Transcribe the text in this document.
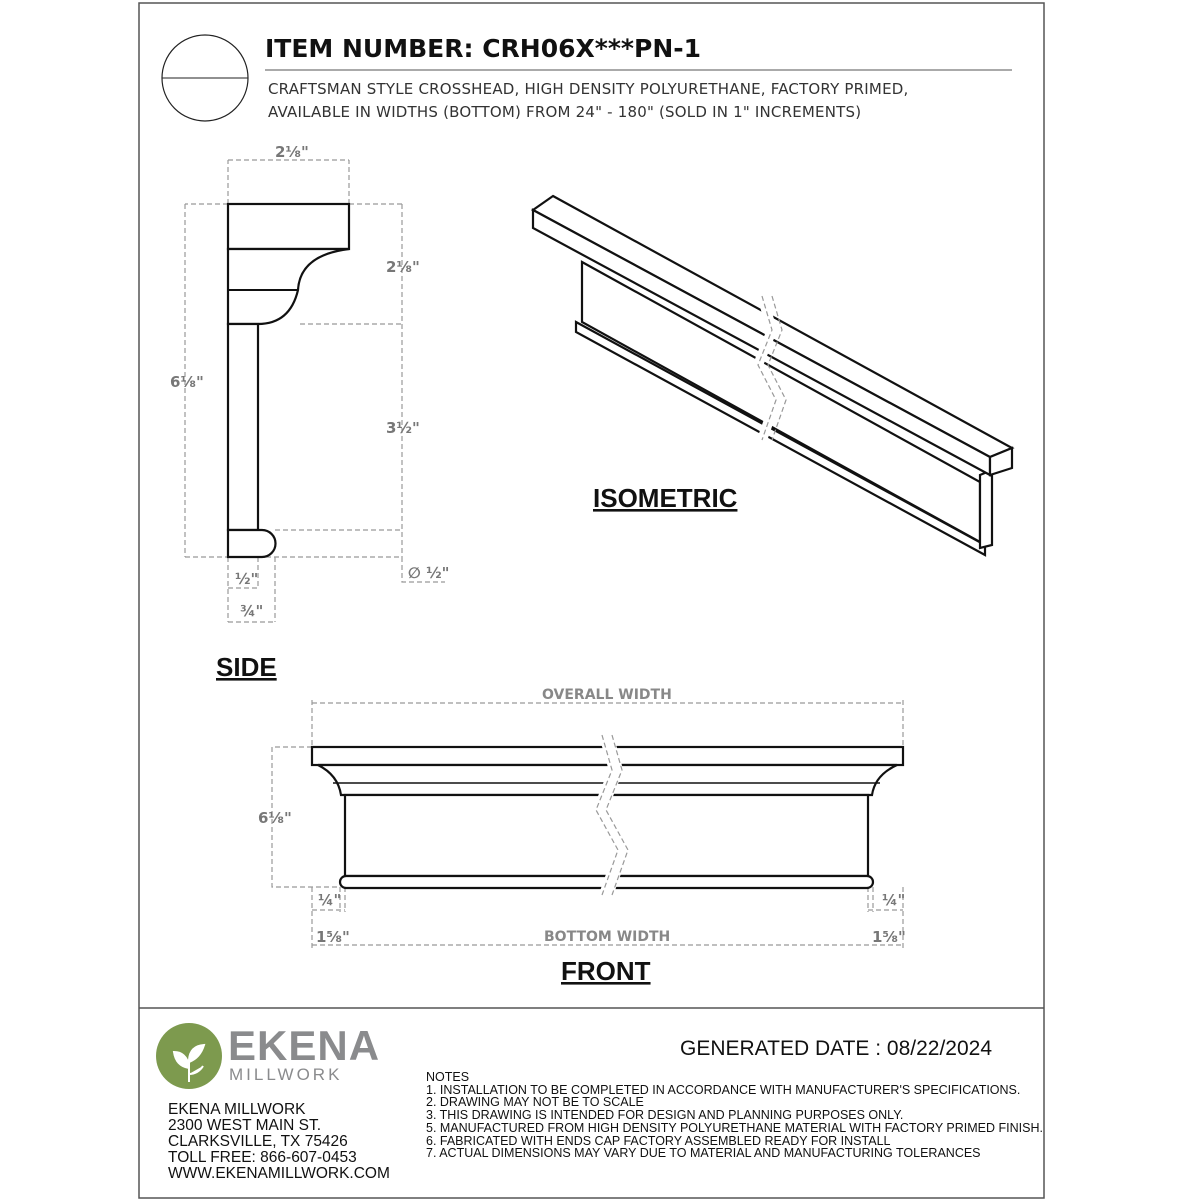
2⅛"
2⅛"
6⅛"
3½"
∅ ½"
½"
¾"
SIDE
ISOMETRIC
OVERALL WIDTH
BOTTOM WIDTH
6⅛"
¼"	¼"
1⅝"	1⅝"
FRONT
ITEM NUMBER: CRH06X***PN-1
CRAFTSMAN STYLE CROSSHEAD, HIGH DENSITY POLYURETHANE, FACTORY PRIMED,
AVAILABLE IN WIDTHS (BOTTOM) FROM 24" - 180" (SOLD IN 1" INCREMENTS)
EKENA
MILLWORK
EKENA MILLWORK
2300 WEST MAIN ST.
CLARKSVILLE, TX 75426
TOLL FREE: 866-607-0453
WWW.EKENAMILLWORK.COM
GENERATED DATE : 08/22/2024
NOTES
1. INSTALLATION TO BE COMPLETED IN ACCORDANCE WITH MANUFACTURER'S SPECIFICATIONS.
2. DRAWING MAY NOT BE TO SCALE
3. THIS DRAWING IS INTENDED FOR DESIGN AND PLANNING PURPOSES ONLY.
5. MANUFACTURED FROM HIGH DENSITY POLYURETHANE MATERIAL WITH FACTORY PRIMED FINISH.
6. FABRICATED WITH ENDS CAP FACTORY ASSEMBLED READY FOR INSTALL
7. ACTUAL DIMENSIONS MAY VARY DUE TO MATERIAL AND MANUFACTURING TOLERANCES
